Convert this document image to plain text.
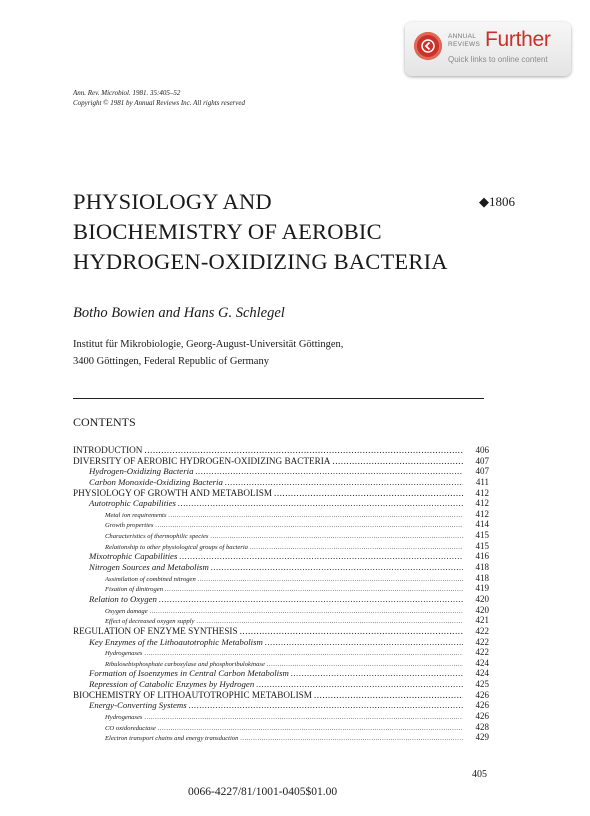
ANNUAL
REVIEWS Further
Quick links to online content
Ann. Rev. Microbiol. 1981. 35:405–52
Copyright © 1981 by Annual Reviews Inc. All rights reserved
PHYSIOLOGY AND
BIOCHEMISTRY OF AEROBIC
HYDROGEN-OXIDIZING BACTERIA
◆1806
Botho Bowien and Hans G. Schlegel
Institut für Mikrobiologie, Georg-August-Universität Göttingen,
3400 Göttingen, Federal Republic of Germany
CONTENTS
INTRODUCTION .....	406
DIVERSITY OF AEROBIC HYDROGEN-OXIDIZING BACTERIA .....	407
Hydrogen-Oxidizing Bacteria .....	407
Carbon Monoxide-Oxidizing Bacteria .....	411
PHYSIOLOGY OF GROWTH AND METABOLISM .....	412
Autotrophic Capabilities .....	412
Metal ion requirements .....	412
Growth properties .....	414
Characteristics of thermophilic species .....	415
Relationship to other physiological groups of bacteria .....	415
Mixotrophic Capabilities .....	416
Nitrogen Sources and Metabolism .....	418
Assimilation of combined nitrogen .....	418
Fixation of dinitrogen .....	419
Relation to Oxygen .....	420
Oxygen damage .....	420
Effect of decreased oxygen supply .....	421
REGULATION OF ENZYME SYNTHESIS .....	422
Key Enzymes of the Lithoautotrophic Metabolism .....	422
Hydrogenases .....	422
Ribulosebisphosphate carboxylase and phosphoribulokinase .....	424
Formation of Isoenzymes in Central Carbon Metabolism .....	424
Repression of Catabolic Enzymes by Hydrogen .....	425
BIOCHEMISTRY OF LITHOAUTOTROPHIC METABOLISM .....	426
Energy-Converting Systems .....	426
Hydrogenases .....	426
CO oxidoreductase .....	428
Electron transport chains and energy transduction .....	429
405
0066-4227/81/1001-0405$01.00
